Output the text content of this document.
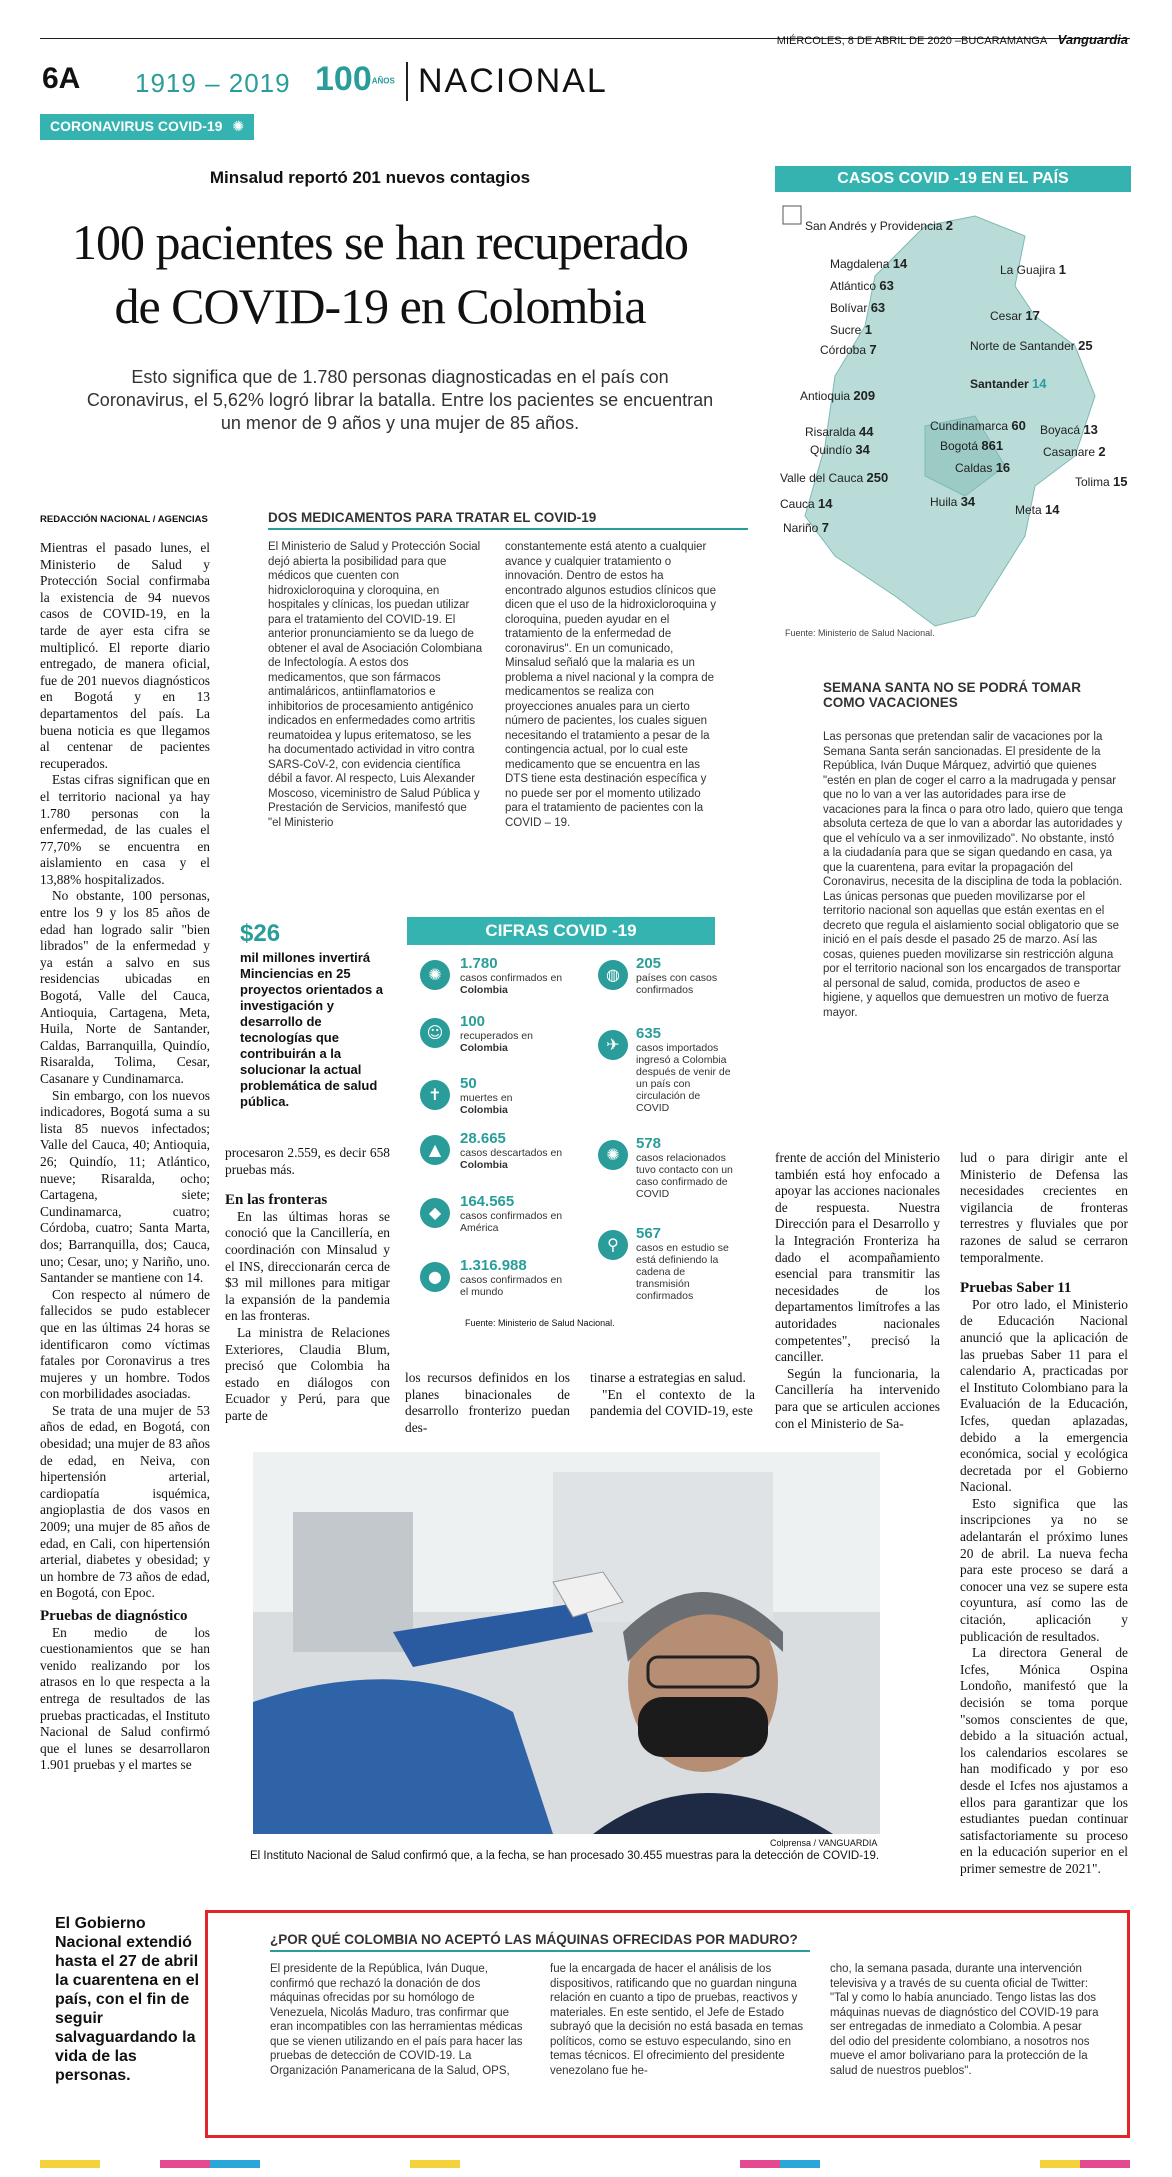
MIÉRCOLES, 8 DE ABRIL DE 2020 –BUCARAMANGA Vanguardia
6A 1919 – 2019 100AÑOS NACIONAL
CORONAVIRUS COVID-19 ✺
Minsalud reportó 201 nuevos contagios
100 pacientes se han recuperado
de COVID-19 en Colombia
Esto significa que de 1.780 personas diagnosticadas en el país con Coronavirus, el 5,62% logró librar la batalla. Entre los pacientes se encuentran un menor de 9 años y una mujer de 85 años.
CASOS COVID -19 EN EL PAÍS
San Andrés y Providencia 2
Magdalena 14	La Guajira 1
Atlántico 63
Bolívar 63
Cesar 17
Sucre 1
Córdoba 7	Norte de Santander 25
Antioquia 209
Santander 14
Risaralda 44	Cundinamarca 60 Boyacá 13
Quindío 34	Bogotá 861	Casanare 2
Caldas 16
Valle del Cauca 250	Tolima 15
Cauca 14	Huila 34
Meta 14
Nariño 7
Fuente: Ministerio de Salud Nacional.
REDACCIÓN NACIONAL / AGENCIAS

Mientras el pasado lunes, el Ministerio de Salud y Protección Social confirmaba la existencia de 94 nuevos casos de COVID-19, en la tarde de ayer esta cifra se multiplicó. El reporte diario entregado, de manera oficial, fue de 201 nuevos diagnósticos en Bogotá y en 13 departamentos del país. La buena noticia es que llegamos al centenar de pacientes recuperados.

Estas cifras significan que en el territorio nacional ya hay 1.780 personas con la enfermedad, de las cuales el 77,70% se encuentra en aislamiento en casa y el 13,88% hospitalizados.

No obstante, 100 personas, entre los 9 y los 85 años de edad han logrado salir "bien librados" de la enfermedad y ya están a salvo en sus residencias ubicadas en Bogotá, Valle del Cauca, Antioquia, Cartagena, Meta, Huila, Norte de Santander, Caldas, Barranquilla, Quindío, Risaralda, Tolima, Cesar, Casanare y Cundinamarca.

Sin embargo, con los nuevos indicadores, Bogotá suma a su lista 85 nuevos infectados; Valle del Cauca, 40; Antioquia, 26; Quindío, 11; Atlántico, nueve; Risaralda, ocho; Cartagena, siete; Cundinamarca, cuatro; Córdoba, cuatro; Santa Marta, dos; Barranquilla, dos; Cauca, uno; Cesar, uno; y Nariño, uno. Santander se mantiene con 14.

Con respecto al número de fallecidos se pudo establecer que en las últimas 24 horas se identificaron como víctimas fatales por Coronavirus a tres mujeres y un hombre. Todos con morbilidades asociadas.

Se trata de una mujer de 53 años de edad, en Bogotá, con obesidad; una mujer de 83 años de edad, en Neiva, con hipertensión arterial, cardiopatía isquémica, angioplastia de dos vasos en 2009; una mujer de 85 años de edad, en Cali, con hipertensión arterial, diabetes y obesidad; y un hombre de 73 años de edad, en Bogotá, con Epoc.

Pruebas de diagnóstico

En medio de los cuestionamientos que se han venido realizando por los atrasos en lo que respecta a la entrega de resultados de las pruebas practicadas, el Instituto Nacional de Salud confirmó que el lunes se desarrollaron 1.901 pruebas y el martes se

DOS MEDICAMENTOS PARA TRATAR EL COVID-19
El Ministerio de Salud y Protección Social dejó abierta la posibilidad para que médicos que cuenten con hidroxicloroquina y cloroquina, en hospitales y clínicas, los puedan utilizar para el tratamiento del COVID-19. El anterior pronunciamiento se da luego de obtener el aval de Asociación Colombiana de Infectología. A estos dos medicamentos, que son fármacos antimaláricos, antiinflamatorios e inhibitorios de procesamiento antigénico indicados en enfermedades como artritis reumatoidea y lupus eritematoso, se les ha documentado actividad in vitro contra SARS-CoV-2, con evidencia científica débil a favor. Al respecto, Luis Alexander Moscoso, viceministro de Salud Pública y Prestación de Servicios, manifestó que "el Ministerio
constantemente está atento a cualquier avance y cualquier tratamiento o innovación. Dentro de estos ha encontrado algunos estudios clínicos que dicen que el uso de la hidroxicloroquina y cloroquina, pueden ayudar en el tratamiento de la enfermedad de coronavirus". En un comunicado, Minsalud señaló que la malaria es un problema a nivel nacional y la compra de medicamentos se realiza con proyecciones anuales para un cierto número de pacientes, los cuales siguen necesitando el tratamiento a pesar de la contingencia actual, por lo cual este medicamento que se encuentra en las DTS tiene esta destinación específica y no puede ser por el momento utilizado para el tratamiento de pacientes con la COVID – 19.
SEMANA SANTA NO SE PODRÁ TOMAR
COMO VACACIONES
Las personas que pretendan salir de vacaciones por la Semana Santa serán sancionadas. El presidente de la República, Iván Duque Márquez, advirtió que quienes "estén en plan de coger el carro a la madrugada y pensar que no lo van a ver las autoridades para irse de vacaciones para la finca o para otro lado, quiero que tenga absoluta certeza de que lo van a abordar las autoridades y que el vehículo va a ser inmovilizado". No obstante, instó a la ciudadanía para que se sigan quedando en casa, ya que la cuarentena, para evitar la propagación del Coronavirus, necesita de la disciplina de toda la población. Las únicas personas que pueden movilizarse por el territorio nacional son aquellas que están exentas en el decreto que regula el aislamiento social obligatorio que se inició en el país desde el pasado 25 de marzo. Así las cosas, quienes pueden movilizarse sin restricción alguna por el territorio nacional son los encargados de transportar al personal de salud, comida, productos de aseo e higiene, y aquellos que demuestren un motivo de fuerza mayor.
$26
mil millones invertirá Minciencias en 25 proyectos orientados a investigación y desarrollo de tecnologías que contribuirán a la solucionar la actual problemática de salud pública.
CIFRAS COVID -19
✺
1.780
casos confirmados en
Colombia
☺
100
recuperados en
Colombia
✝
50
muertes en
Colombia
▲
28.665
casos descartados en
Colombia
◆
164.565
casos confirmados en
América
●
1.316.988
casos confirmados en
el mundo
◍
205
países con casos confirmados
✈
635
casos importados ingresó a Colombia después de venir de un país con circulación de COVID
✺
578
casos relacionados tuvo contacto con un caso confirmado de COVID
⚲
567
casos en estudio se está definiendo la cadena de transmisión confirmados
Fuente: Ministerio de Salud Nacional.

procesaron 2.559, es decir 658 pruebas más.

En las fronteras

En las últimas horas se conoció que la Cancillería, en coordinación con Minsalud y el INS, direccionarán cerca de $3 mil millones para mitigar la expansión de la pandemia en las fronteras.

La ministra de Relaciones Exteriores, Claudia Blum, precisó que Colombia ha estado en diálogos con Ecuador y Perú, para que parte de

los recursos definidos en los planes binacionales de desarrollo fronterizo puedan des-

tinarse a estrategias en salud.

"En el contexto de la pandemia del COVID-19, este

frente de acción del Ministerio también está hoy enfocado a apoyar las acciones nacionales de respuesta. Nuestra Dirección para el Desarrollo y la Integración Fronteriza ha dado el acompañamiento esencial para transmitir las necesidades de los departamentos limítrofes a las autoridades nacionales competentes", precisó la canciller.

Según la funcionaria, la Cancillería ha intervenido para que se articulen acciones con el Ministerio de Sa-

lud o para dirigir ante el Ministerio de Defensa las necesidades crecientes en vigilancia de fronteras terrestres y fluviales que por razones de salud se cerraron temporalmente.

Pruebas Saber 11

Por otro lado, el Ministerio de Educación Nacional anunció que la aplicación de las pruebas Saber 11 para el calendario A, practicadas por el Instituto Colombiano para la Evaluación de la Educación, Icfes, quedan aplazadas, debido a la emergencia económica, social y ecológica decretada por el Gobierno Nacional.

Esto significa que las inscripciones ya no se adelantarán el próximo lunes 20 de abril. La nueva fecha para este proceso se dará a conocer una vez se supere esta coyuntura, así como las de citación, aplicación y publicación de resultados.

La directora General de Icfes, Mónica Ospina Londoño, manifestó que la decisión se toma porque "somos conscientes de que, debido a la situación actual, los calendarios escolares se han modificado y por eso desde el Icfes nos ajustamos a ellos para garantizar que los estudiantes puedan continuar satisfactoriamente su proceso en la educación superior en el primer semestre de 2021".

Colprensa / VANGUARDIA
El Instituto Nacional de Salud confirmó que, a la fecha, se han procesado 30.455 muestras para la detección de COVID-19.
El Gobierno Nacional extendió hasta el 27 de abril la cuarentena en el país, con el fin de seguir salvaguardando la vida de las personas.
¿POR QUÉ COLOMBIA NO ACEPTÓ LAS MÁQUINAS OFRECIDAS POR MADURO?
El presidente de la República, Iván Duque, confirmó que rechazó la donación de dos máquinas ofrecidas por su homólogo de Venezuela, Nicolás Maduro, tras confirmar que eran incompatibles con las herramientas médicas que se vienen utilizando en el país para hacer las pruebas de detección de COVID-19. La Organización Panamericana de la Salud, OPS,
fue la encargada de hacer el análisis de los dispositivos, ratificando que no guardan ninguna relación en cuanto a tipo de pruebas, reactivos y materiales. En este sentido, el Jefe de Estado subrayó que la decisión no está basada en temas políticos, como se estuvo especulando, sino en temas técnicos. El ofrecimiento del presidente venezolano fue he-
cho, la semana pasada, durante una intervención televisiva y a través de su cuenta oficial de Twitter: "Tal y como lo había anunciado. Tengo listas las dos máquinas nuevas de diagnóstico del COVID-19 para ser entregadas de inmediato a Colombia. A pesar del odio del presidente colombiano, a nosotros nos mueve el amor bolivariano para la protección de la salud de nuestros pueblos".
